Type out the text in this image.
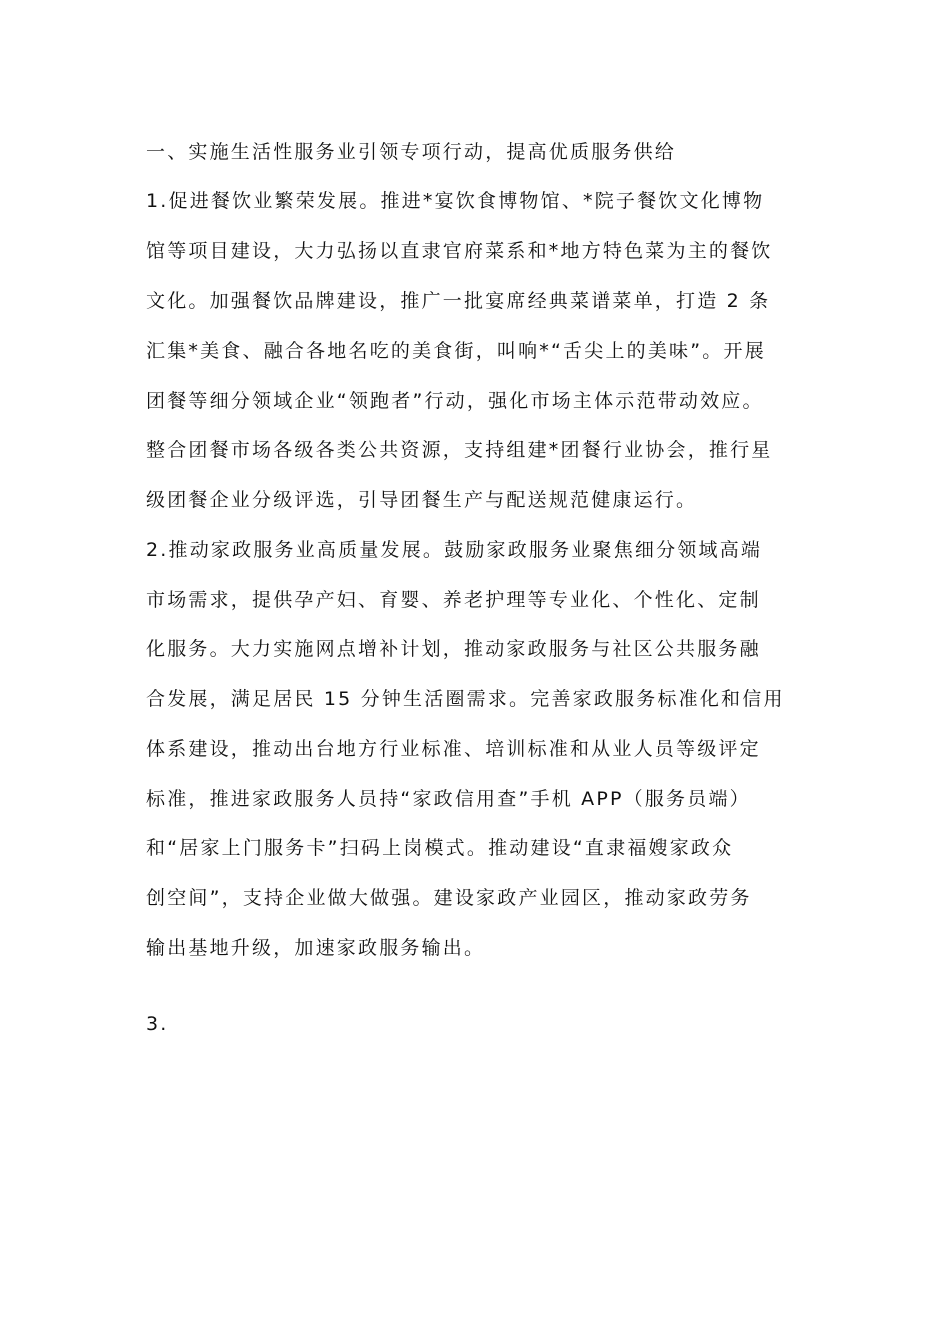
一、实施生活性服务业引领专项行动，提高优质服务供给
1.促进餐饮业繁荣发展。推进*宴饮食博物馆、*院子餐饮文化博物
馆等项目建设，大力弘扬以直隶官府菜系和*地方特色菜为主的餐饮
文化。加强餐饮品牌建设，推广一批宴席经典菜谱菜单，打造 2 条
汇集*美食、融合各地名吃的美食街，叫响*“舌尖上的美味”。开展
团餐等细分领域企业“领跑者”行动，强化市场主体示范带动效应。
整合团餐市场各级各类公共资源，支持组建*团餐行业协会，推行星
级团餐企业分级评选，引导团餐生产与配送规范健康运行。
2.推动家政服务业高质量发展。鼓励家政服务业聚焦细分领域高端
市场需求，提供孕产妇、育婴、养老护理等专业化、个性化、定制
化服务。大力实施网点增补计划，推动家政服务与社区公共服务融
合发展，满足居民 15 分钟生活圈需求。完善家政服务标准化和信用
体系建设，推动出台地方行业标准、培训标准和从业人员等级评定
标准，推进家政服务人员持“家政信用查”手机 APP（服务员端）
和“居家上门服务卡”扫码上岗模式。推动建设“直隶福嫂家政众
创空间”，支持企业做大做强。建设家政产业园区，推动家政劳务
输出基地升级，加速家政服务输出。
3.
